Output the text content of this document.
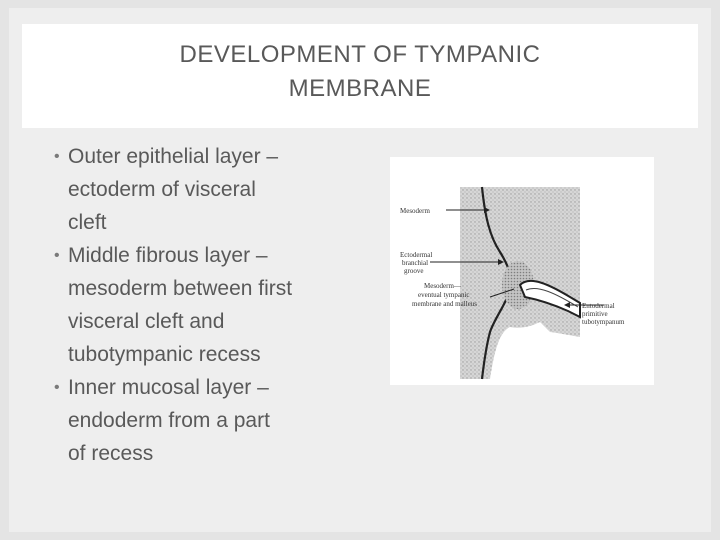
DEVELOPMENT OF TYMPANIC
MEMBRANE
• Outer epithelial layer –
ectoderm of visceral
cleft
• Middle fibrous layer –
mesoderm between first
visceral cleft and
tubotympanic recess
• Inner mucosal layer –
endoderm from a part
of recess
Mesoderm
Ectodermal
branchial
groove
Mesoderm—
eventual tympanic
membrane and malleus	Entodermal
primitive
tubotympanum
